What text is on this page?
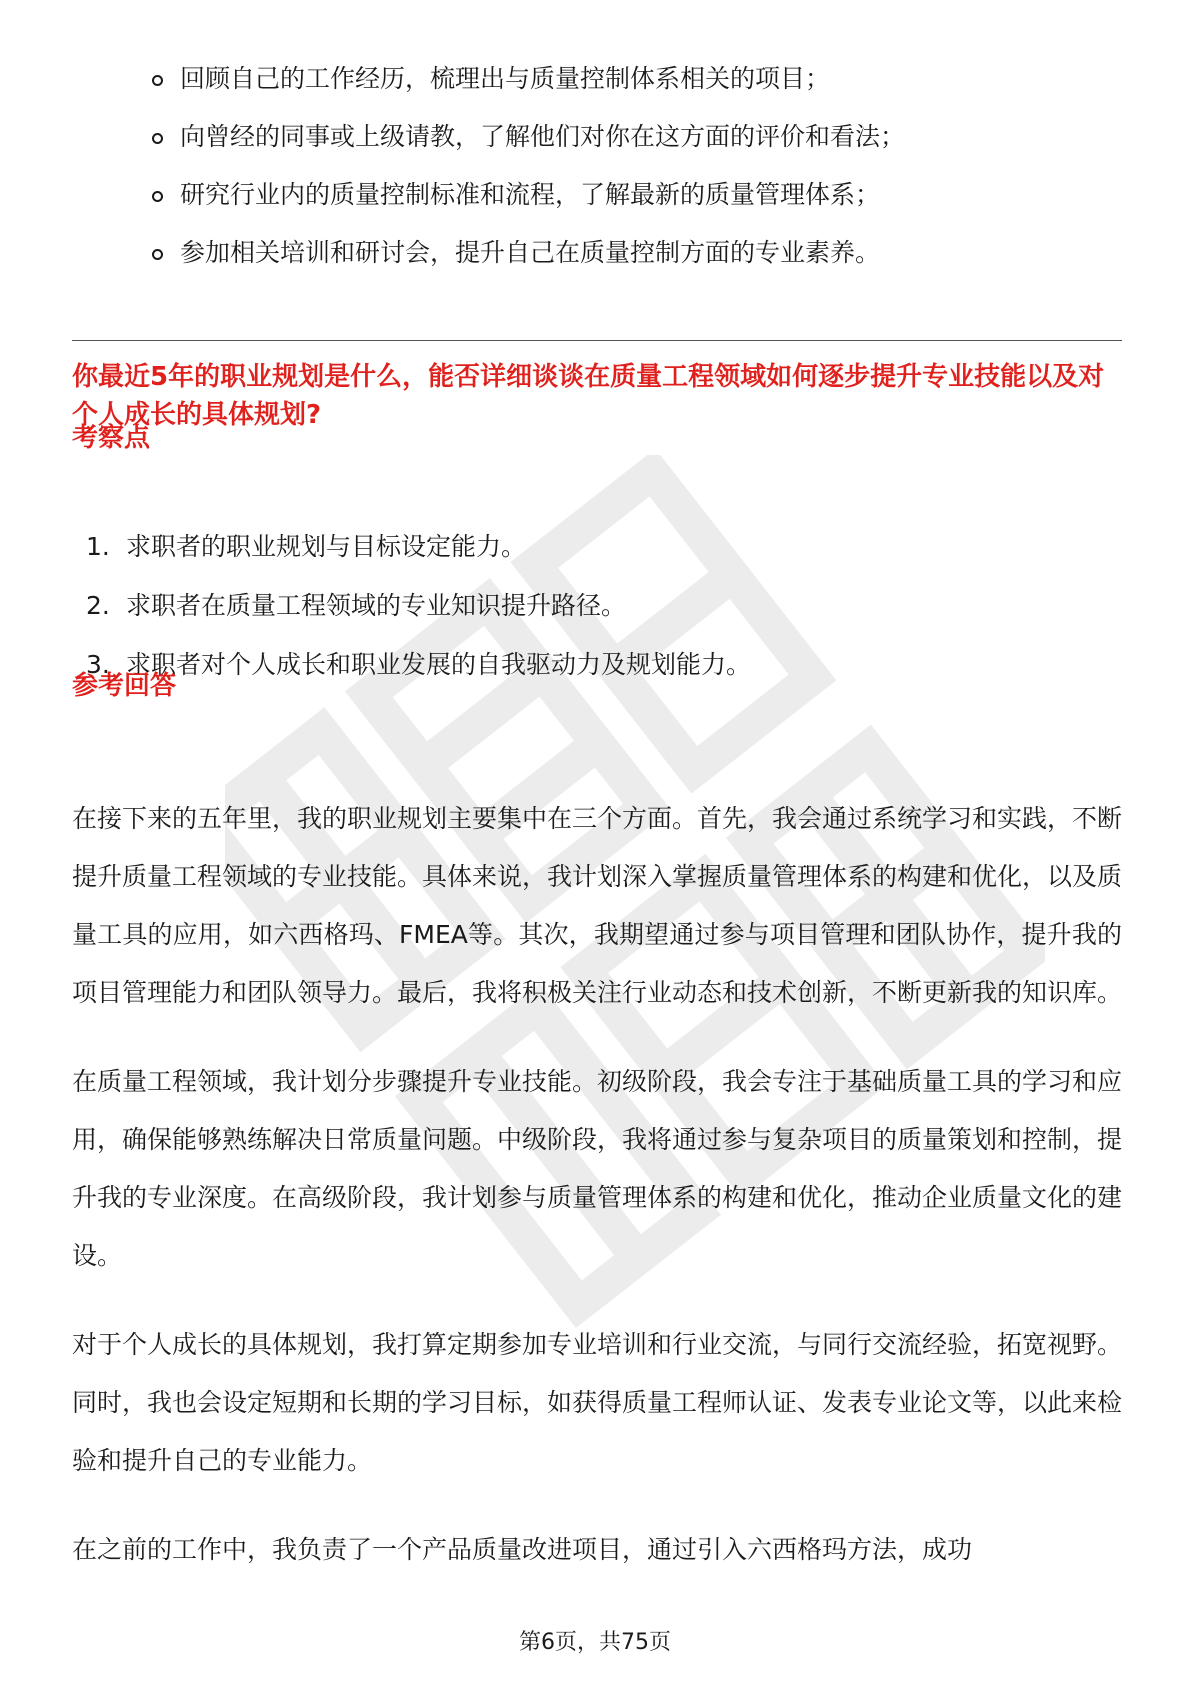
回顾自己的工作经历，梳理出与质量控制体系相关的项目；
向曾经的同事或上级请教，了解他们对你在这方面的评价和看法；
研究行业内的质量控制标准和流程，了解最新的质量管理体系；
参加相关培训和研讨会，提升自己在质量控制方面的专业素养。
你最近5年的职业规划是什么，能否详细谈谈在质量工程领域如何逐步提升专业技能以及对个人成长的具体规划?
考察点
1. 求职者的职业规划与目标设定能力。
2. 求职者在质量工程领域的专业知识提升路径。
3. 求职者对个人成长和职业发展的自我驱动力及规划能力。
参考回答

在接下来的五年里，我的职业规划主要集中在三个方面。首先，我会通过系统学习和实践，不断提升质量工程领域的专业技能。具体来说，我计划深入掌握质量管理体系的构建和优化，以及质量工具的应用，如六西格玛、FMEA等。其次，我期望通过参与项目管理和团队协作，提升我的项目管理能力和团队领导力。最后，我将积极关注行业动态和技术创新，不断更新我的知识库。

在质量工程领域，我计划分步骤提升专业技能。初级阶段，我会专注于基础质量工具的学习和应用，确保能够熟练解决日常质量问题。中级阶段，我将通过参与复杂项目的质量策划和控制，提升我的专业深度。在高级阶段，我计划参与质量管理体系的构建和优化，推动企业质量文化的建设。

对于个人成长的具体规划，我打算定期参加专业培训和行业交流，与同行交流经验，拓宽视野。同时，我也会设定短期和长期的学习目标，如获得质量工程师认证、发表专业论文等，以此来检验和提升自己的专业能力。

在之前的工作中，我负责了一个产品质量改进项目，通过引入六西格玛方法，成功

第6页，共75页
